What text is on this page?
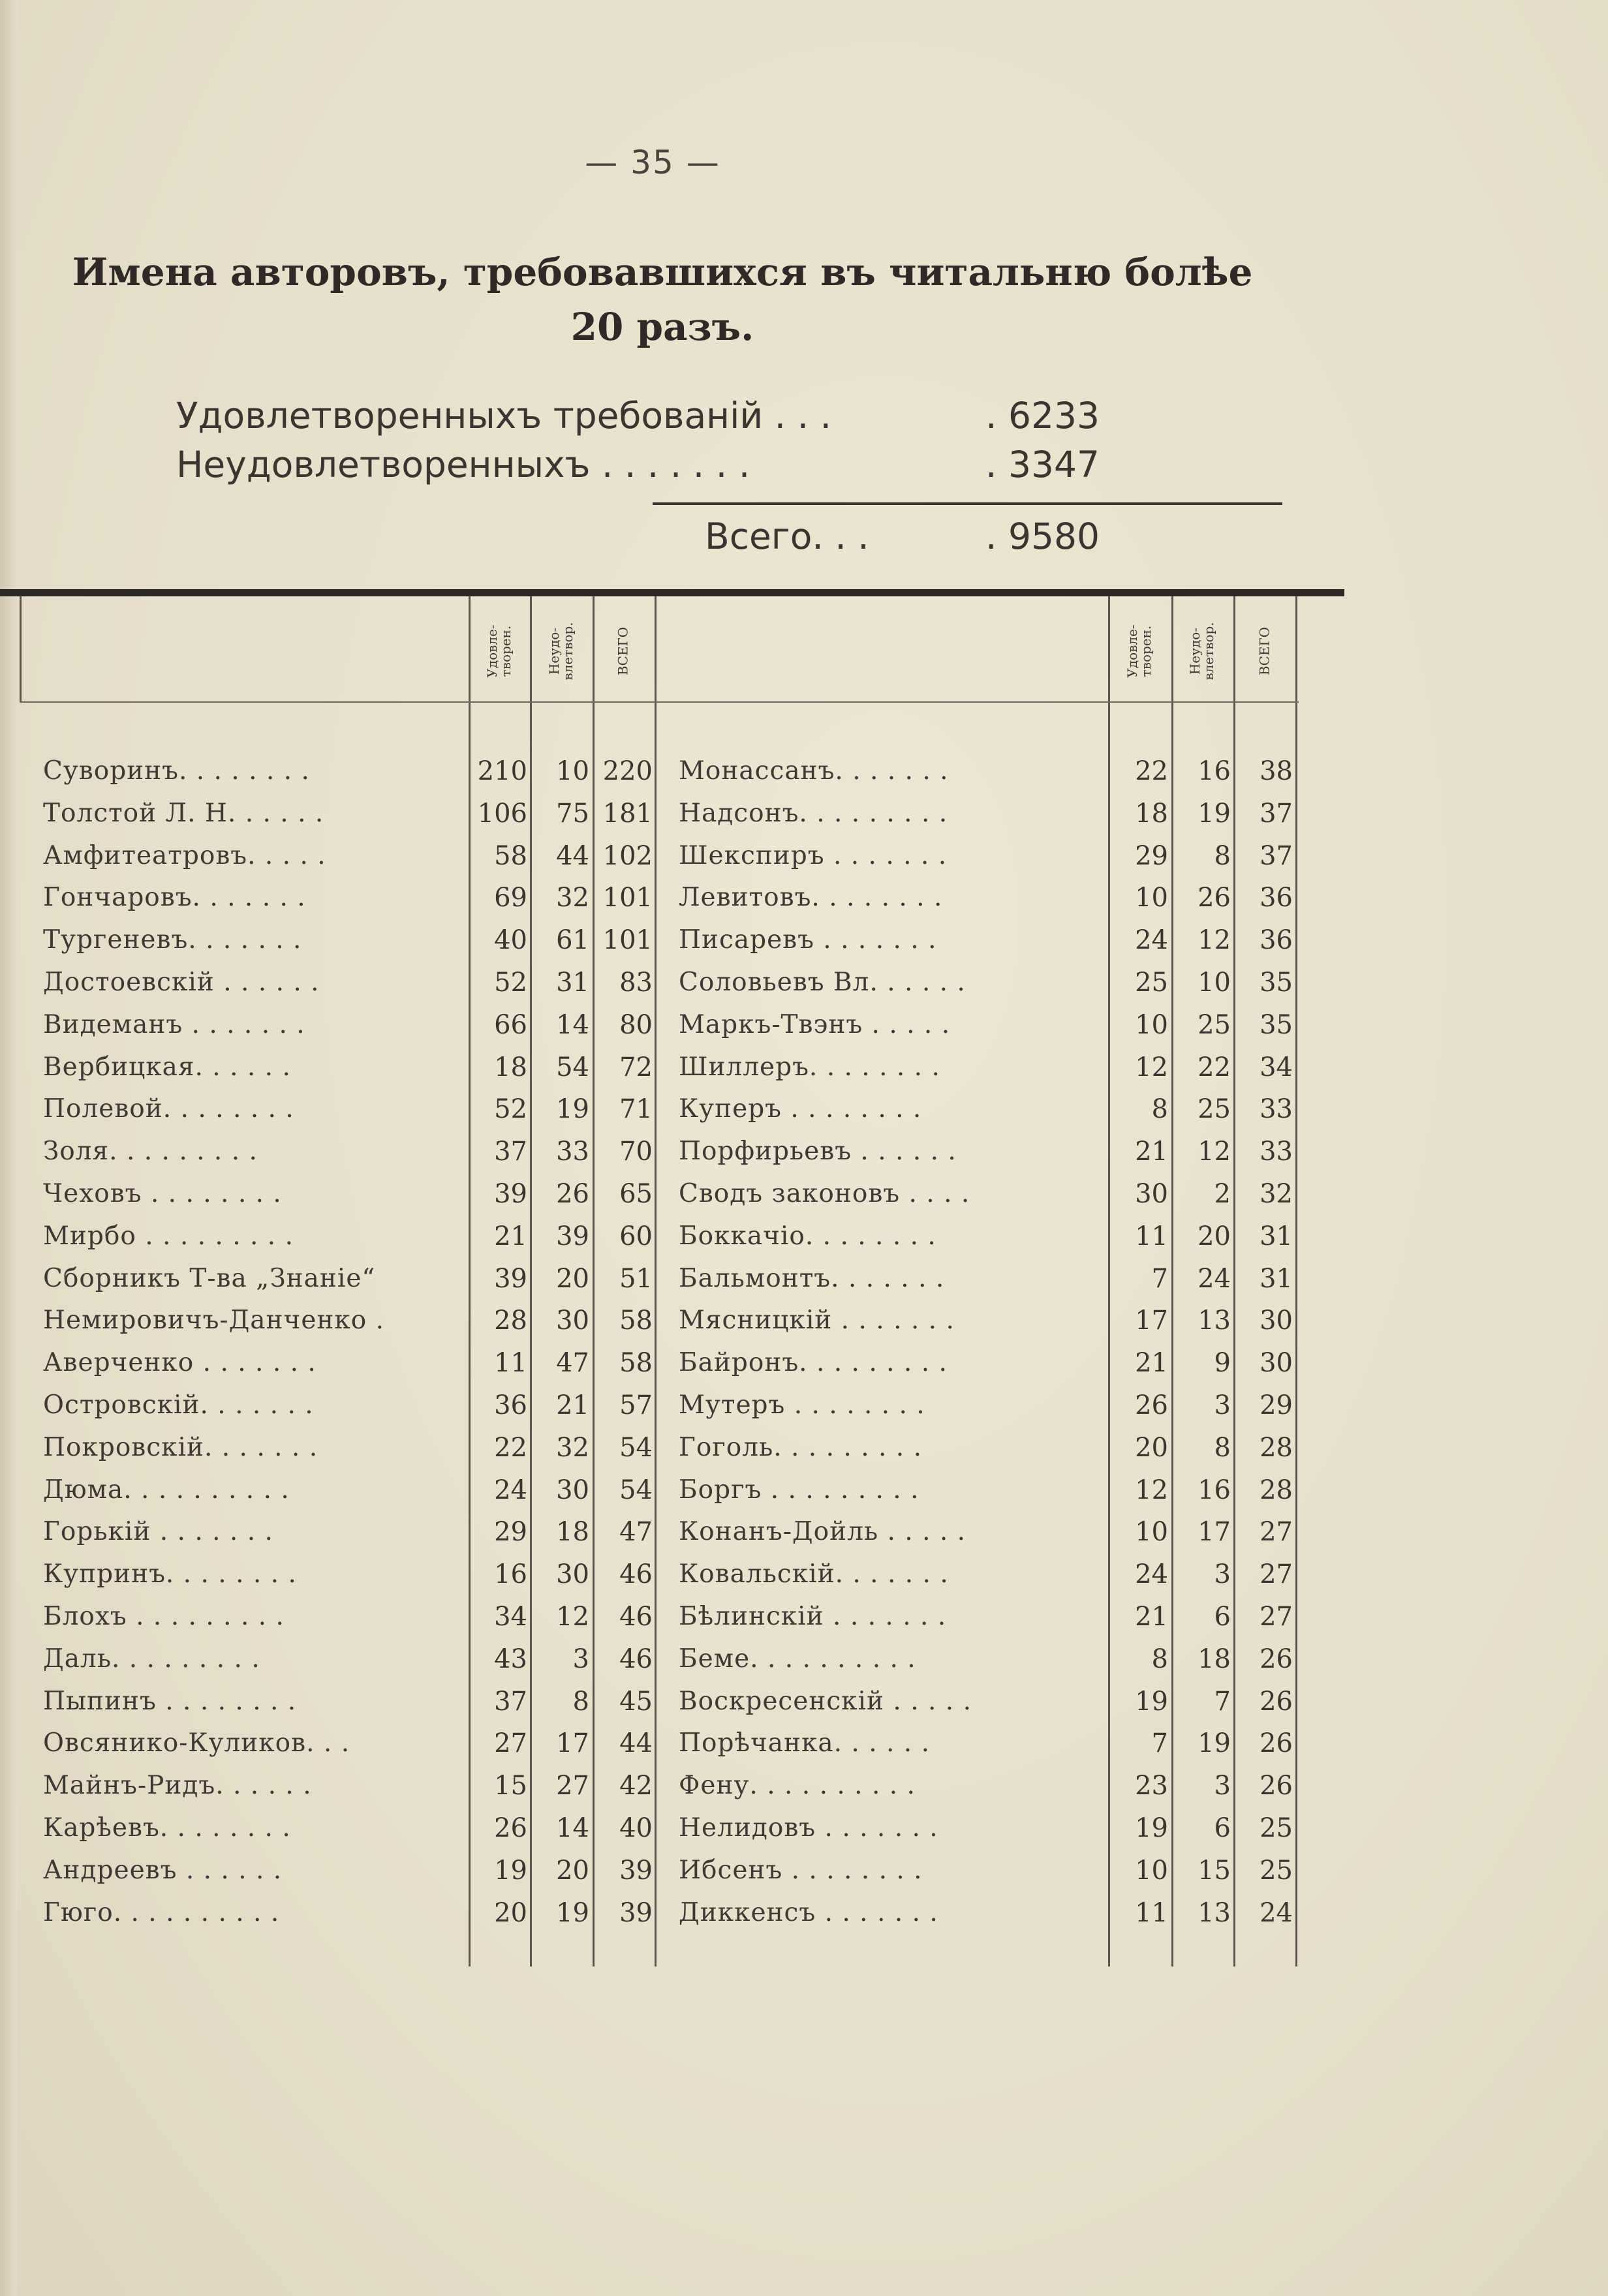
— 35 —
Имена авторовъ, требовавшихся въ читальню болѣе
20 разъ.
Удовлетворенныхъ требованій . . .	. 6233
Неудовлетворенныхъ . . . . . . .	. 3347
Всего. . .	. 9580
Удовле-
творен.	Неудо-
влетвор.	ВСЕГО	Удовле-
творен.	Неудо-
влетвор.	ВСЕГО
Суворинъ. . . . . . . .	210	10 220
Толстой Л. Н. . . . . .	106	75 181
Амфитеатровъ. . . . .	58	44 102
Гончаровъ. . . . . . .	69	32 101
Тургеневъ. . . . . . .	40	61 101
Достоевскій . . . . . .	52	31	83
Видеманъ . . . . . . .	66	14	80
Вербицкая. . . . . .	18	54	72
Полевой. . . . . . . .	52	19	71
Золя. . . . . . . . .	37	33	70
Чеховъ . . . . . . . .	39	26	65
Мирбо . . . . . . . . .	21	39	60
Сборникъ Т-ва „Знаніе“	39	20	51
Немировичъ-Данченко .	28	30	58
Аверченко . . . . . . .	11	47	58
Островскій. . . . . . .	36	21	57
Покровскій. . . . . . .	22	32	54
Дюма. . . . . . . . . .	24	30	54
Горькій . . . . . . .	29	18	47
Купринъ. . . . . . . .	16	30	46
Блохъ . . . . . . . . .	34	12	46
Даль. . . . . . . . .	43	3	46
Пыпинъ . . . . . . . .	37	8	45
Овсянико-Куликов. . .	27	17	44
Майнъ-Ридъ. . . . . .	15	27	42
Карѣевъ. . . . . . . .	26	14	40
Андреевъ . . . . . .	19	20	39
Гюго. . . . . . . . . .	20	19	39
Монассанъ. . . . . . .	22	16	38
Надсонъ. . . . . . . . .	18	19	37
Шекспиръ . . . . . . .	29	8	37
Левитовъ. . . . . . . .	10	26	36
Писаревъ . . . . . . .	24	12	36
Соловьевъ Вл. . . . . .	25	10	35
Маркъ-Твэнъ . . . . .	10	25	35
Шиллеръ. . . . . . . .	12	22	34
Куперъ . . . . . . . .	8	25	33
Порфирьевъ . . . . . .	21	12	33
Сводъ законовъ . . . .	30	2	32
Боккачіо. . . . . . . .	11	20	31
Бальмонтъ. . . . . . .	7	24	31
Мясницкій . . . . . . .	17	13	30
Байронъ. . . . . . . . .	21	9	30
Мутеръ . . . . . . . .	26	3	29
Гоголь. . . . . . . . .	20	8	28
Боргъ . . . . . . . . .	12	16	28
Конанъ-Дойль . . . . .	10	17	27
Ковальскій. . . . . . .	24	3	27
Бѣлинскій . . . . . . .	21	6	27
Беме. . . . . . . . . .	8	18	26
Воскресенскій . . . . .	19	7	26
Порѣчанка. . . . . .	7	19	26
Фену. . . . . . . . . .	23	3	26
Нелидовъ . . . . . . .	19	6	25
Ибсенъ . . . . . . . .	10	15	25
Диккенсъ . . . . . . .	11	13	24
